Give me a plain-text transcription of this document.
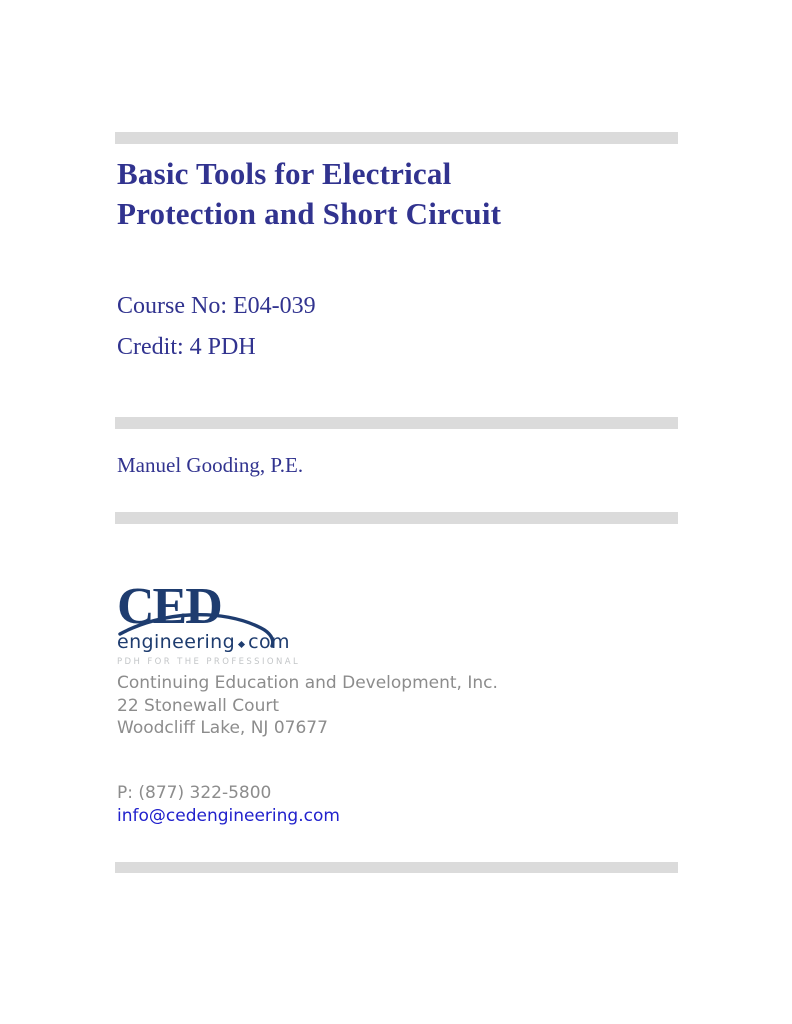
Basic Tools for Electrical
Protection and Short Circuit
Course No: E04-039
Credit: 4 PDH
Manuel Gooding, P.E.
CED
engineering com
PDH FOR THE PROFESSIONAL
Continuing Education and Development, Inc.
22 Stonewall Court
Woodcliff Lake, NJ 07677
P: (877) 322-5800
info@cedengineering.com
